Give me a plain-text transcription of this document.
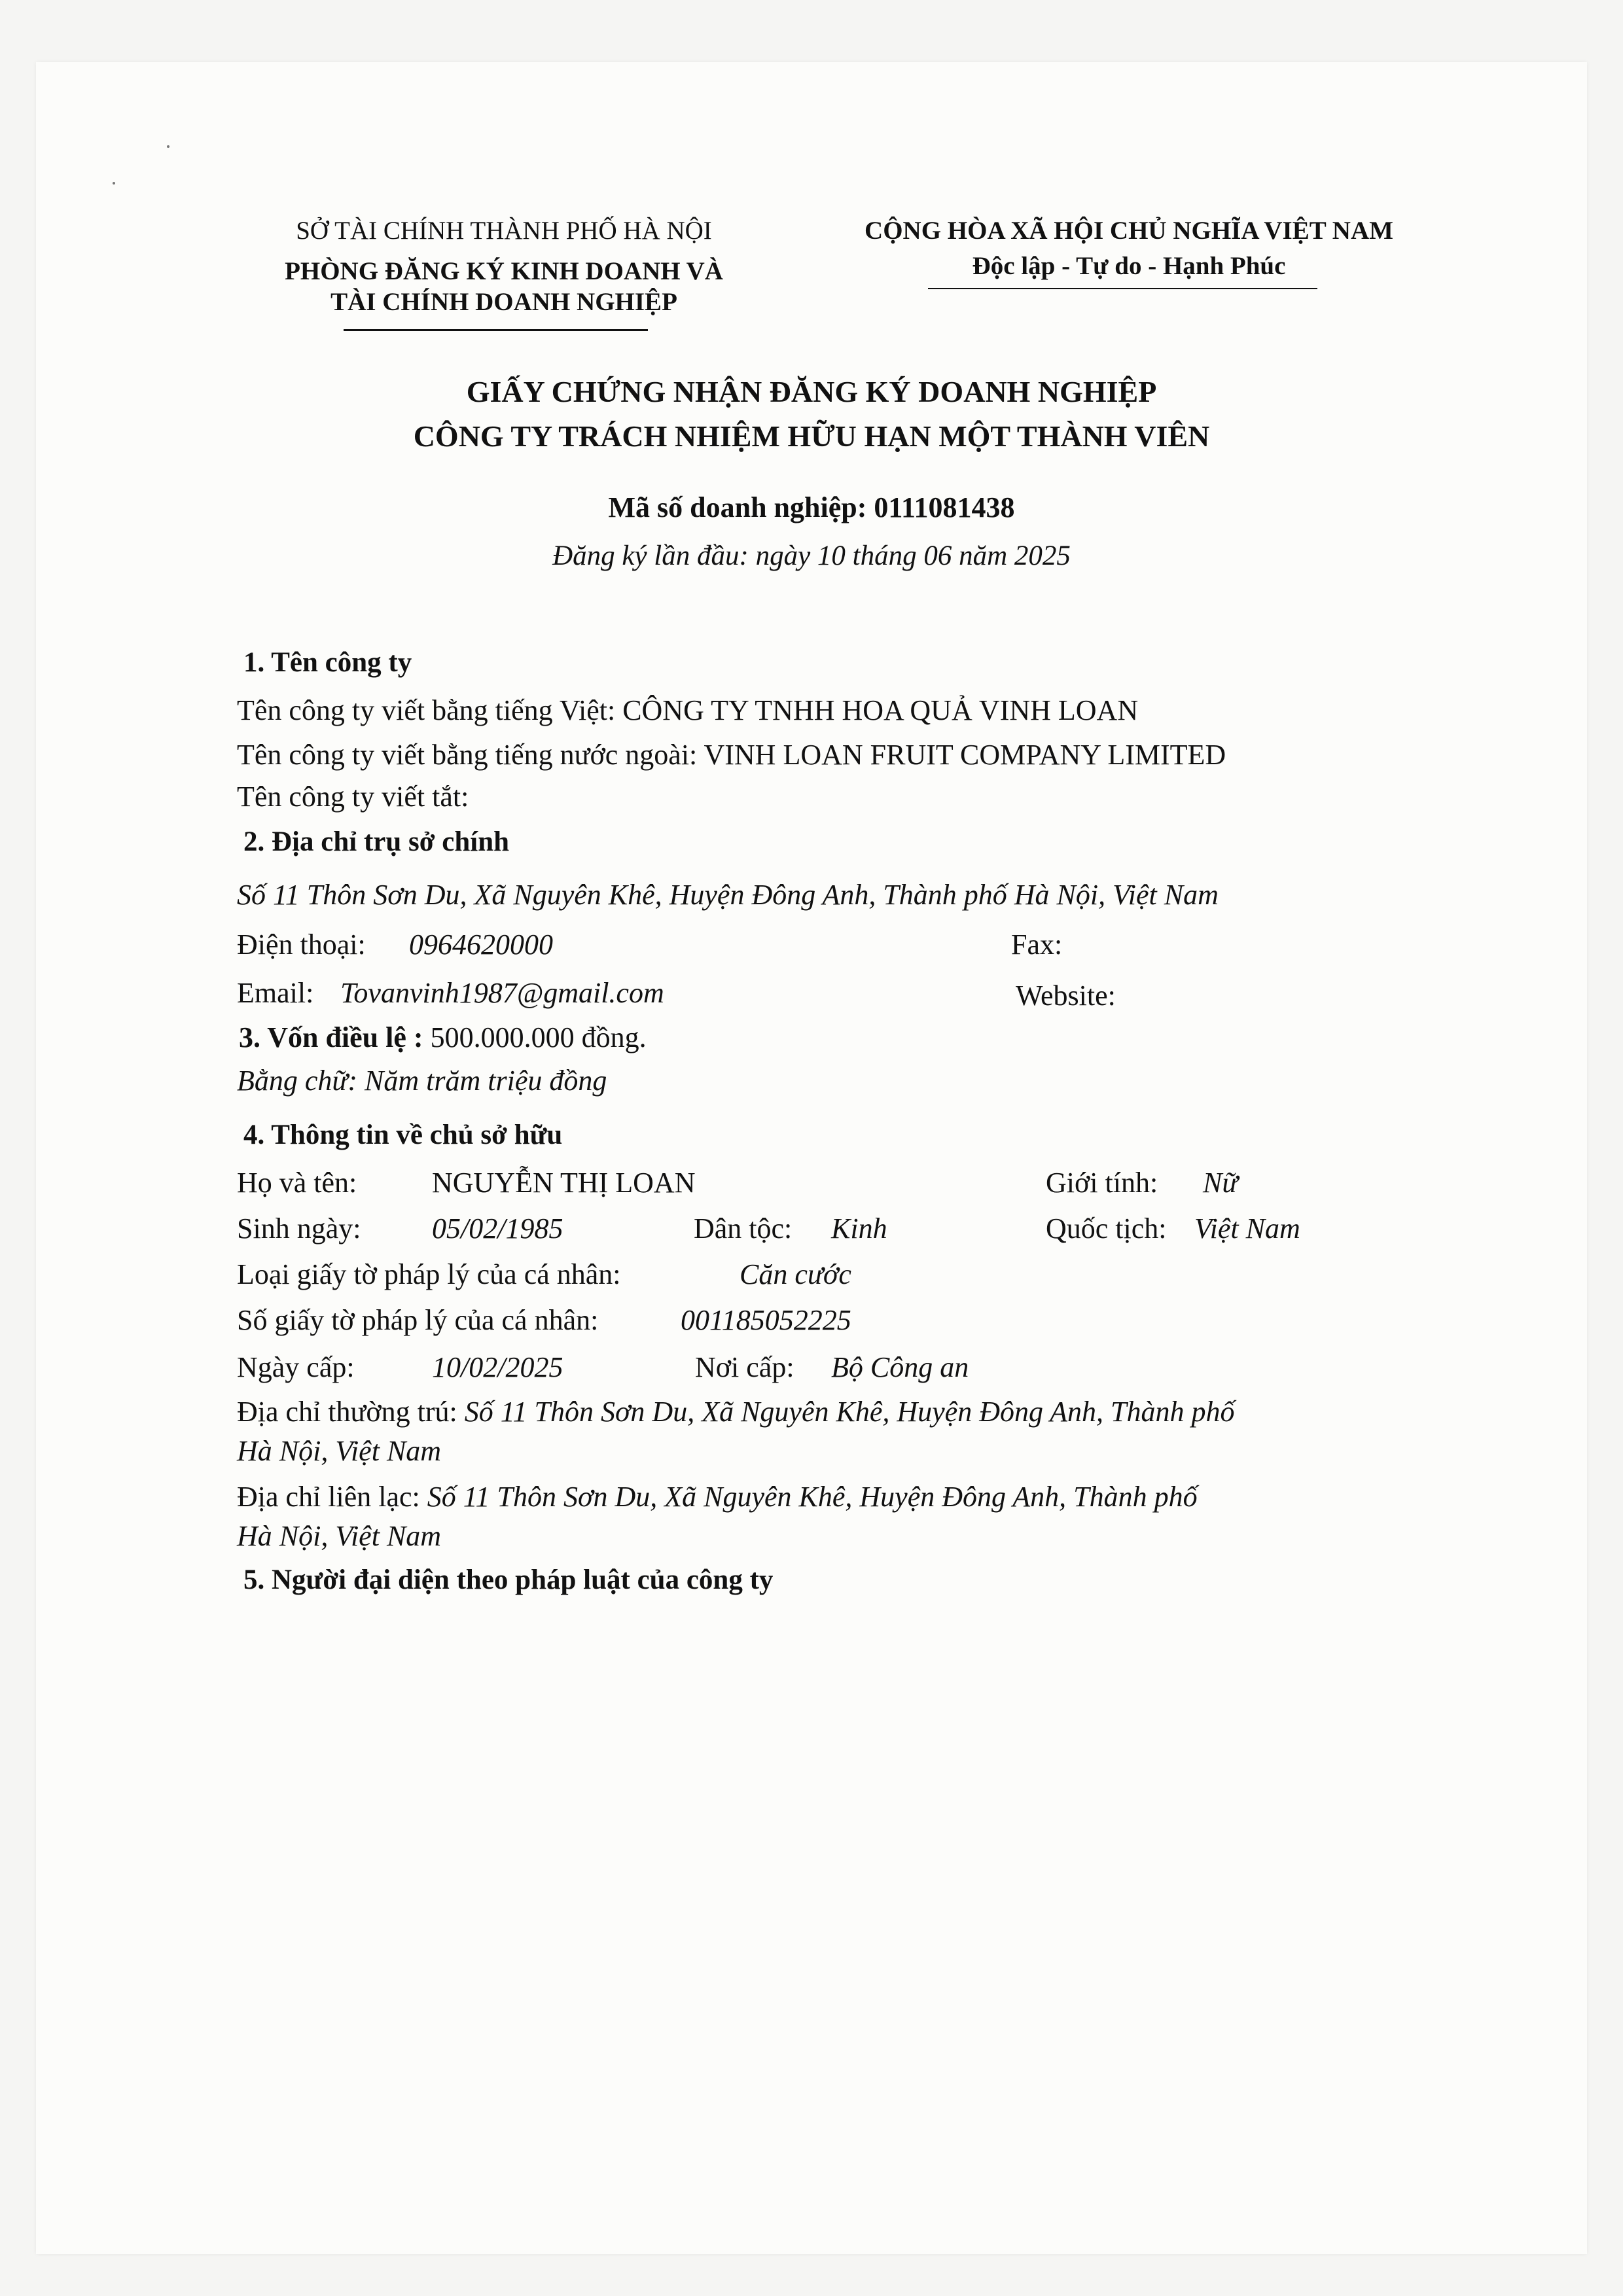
SỞ TÀI CHÍNH THÀNH PHỐ HÀ NỘI
PHÒNG ĐĂNG KÝ KINH DOANH VÀ
TÀI CHÍNH DOANH NGHIỆP
CỘNG HÒA XÃ HỘI CHỦ NGHĨA VIỆT NAM
Độc lập - Tự do - Hạnh Phúc
GIẤY CHỨNG NHẬN ĐĂNG KÝ DOANH NGHIỆP
CÔNG TY TRÁCH NHIỆM HỮU HẠN MỘT THÀNH VIÊN
Mã số doanh nghiệp: 0111081438
Đăng ký lần đầu: ngày 10 tháng 06 năm 2025
1. Tên công ty
Tên công ty viết bằng tiếng Việt: CÔNG TY TNHH HOA QUẢ VINH LOAN
Tên công ty viết bằng tiếng nước ngoài: VINH LOAN FRUIT COMPANY LIMITED
Tên công ty viết tắt:
2. Địa chỉ trụ sở chính
Số 11 Thôn Sơn Du, Xã Nguyên Khê, Huyện Đông Anh, Thành phố Hà Nội, Việt Nam
Điện thoại: 0964620000	Fax:
Email: Tovanvinh1987@gmail.com	Website:
3. Vốn điều lệ : 500.000.000 đồng.
Bằng chữ: Năm trăm triệu đồng
4. Thông tin về chủ sở hữu
Họ và tên:	NGUYỄN THỊ LOAN	Giới tính: Nữ
Sinh ngày: 05/02/1985	Dân tộc: Kinh	Quốc tịch: Việt Nam
Loại giấy tờ pháp lý của cá nhân:	Căn cước
Số giấy tờ pháp lý của cá nhân:	001185052225
Ngày cấp:	10/02/2025	Nơi cấp: Bộ Công an
Địa chỉ thường trú: Số 11 Thôn Sơn Du, Xã Nguyên Khê, Huyện Đông Anh, Thành phố
Hà Nội, Việt Nam
Địa chỉ liên lạc: Số 11 Thôn Sơn Du, Xã Nguyên Khê, Huyện Đông Anh, Thành phố
Hà Nội, Việt Nam
5. Người đại diện theo pháp luật của công ty
